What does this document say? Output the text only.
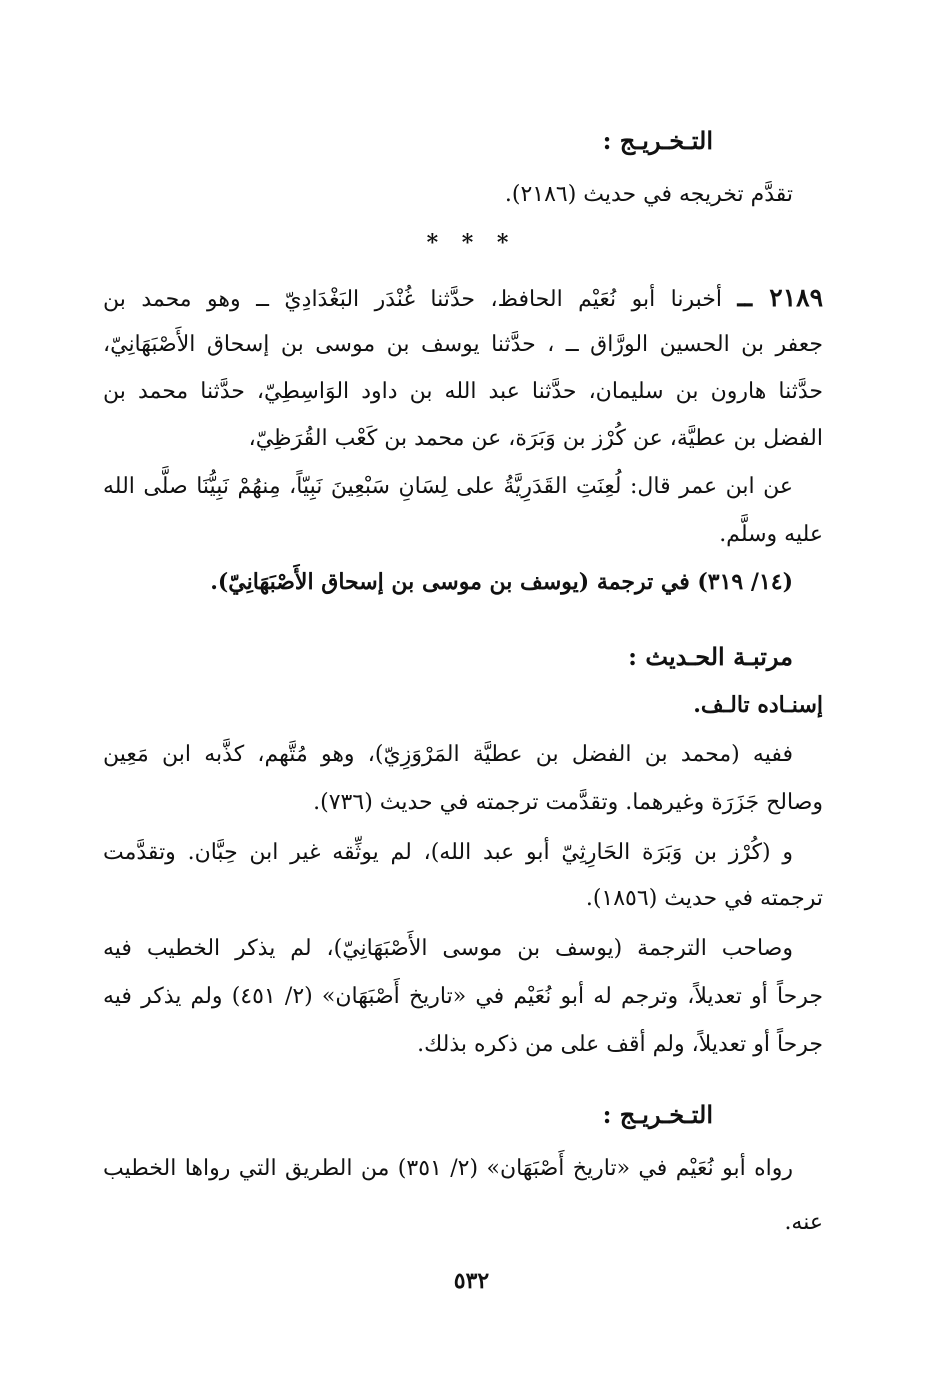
التـخـريـج :
تقدَّم تخريجه في حديث (٢١٨٦).
* * *
٢١٨٩ ــ أخبرنا أبو نُعَيْم الحافظ، حدَّثنا غُنْدَر البَغْدَادِيّ ــ وهو محمد بن
جعفر بن الحسين الورَّاق ــ ، حدَّثنا يوسف بن موسى بن إسحاق الأَصْبَهَانِيّ،
حدَّثنا هارون بن سليمان، حدَّثنا عبد الله بن داود الوَاسِطِيّ، حدَّثنا محمد بن
الفضل بن عطيَّة، عن كُرْز بن وَبَرَة، عن محمد بن كَعْب القُرَظِيّ،
عن ابن عمر قال: لُعِنَتِ القَدَرِيَّةُ على لِسَانِ سَبْعِينَ نَبِيّاً، مِنهُمْ نَبِيُّنَا صلَّى الله
عليه وسلَّم.
(١٤/ ٣١٩) في ترجمة (يوسف بن موسى بن إسحاق الأَصْبَهَانِيّ).
مرتبـة الحـديث :
إسنـاده تالـف.
ففيه (محمد بن الفضل بن عطيَّة المَرْوَزِيّ)، وهو مُتَّهم، كذَّبه ابن مَعِين
وصالح جَزَرَة وغيرهما. وتقدَّمت ترجمته في حديث (٧٣٦).
و (كُرْز بن وَبَرَة الحَارِثِيّ أبو عبد الله)، لم يوثِّقه غير ابن حِبَّان. وتقدَّمت
ترجمته في حديث (١٨٥٦).
وصاحب الترجمة (يوسف بن موسى الأَصْبَهَانِيّ)، لم يذكر الخطيب فيه
جرحاً أو تعديلاً، وترجم له أبو نُعَيْم في «تاريخ أَصْبَهَان» (٢/ ٤٥١) ولم يذكر فيه
جرحاً أو تعديلاً، ولم أقف على من ذكره بذلك.
التـخـريـج :
رواه أبو نُعَيْم في «تاريخ أَصْبَهَان» (٢/ ٣٥١) من الطريق التي رواها الخطيب
عنه.
٥٣٢
